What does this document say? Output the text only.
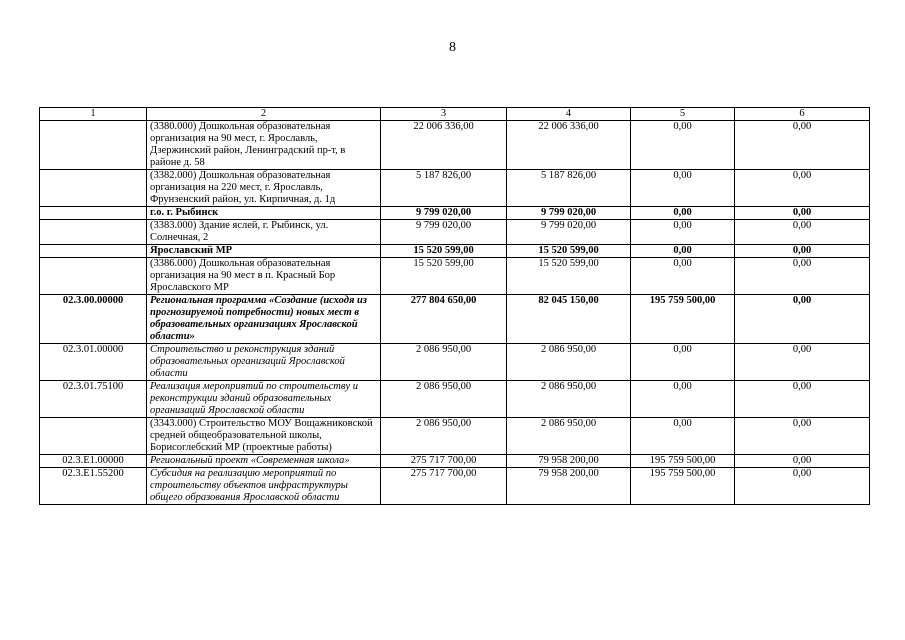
8
1	2	3	4	5	6
	(3380.000) Дошкольная образовательная организация на 90 мест, г. Ярославль, Дзержинский район, Ленинградский пр-т, в районе д. 58	22 006 336,00	22 006 336,00	0,00	0,00
	(3382.000) Дошкольная образовательная организация на 220 мест, г. Ярославль, Фрунзенский район, ул. Кирпичная, д. 1д	5 187 826,00	5 187 826,00	0,00	0,00
	г.о. г. Рыбинск	9 799 020,00	9 799 020,00	0,00	0,00
	(3383.000) Здание яслей, г. Рыбинск, ул. Солнечная, 2	9 799 020,00	9 799 020,00	0,00	0,00
	Ярославский МР	15 520 599,00	15 520 599,00	0,00	0,00
	(3386.000) Дошкольная образовательная организация на 90 мест в п. Красный Бор Ярославского МР	15 520 599,00	15 520 599,00	0,00	0,00
02.3.00.00000	Региональная программа «Создание (исходя из прогнозируемой потребности) новых мест в образовательных организациях Ярославской области»	277 804 650,00	82 045 150,00	195 759 500,00	0,00
02.3.01.00000	Строительство и реконструкция зданий образовательных организаций Ярославской области	2 086 950,00	2 086 950,00	0,00	0,00
02.3.01.75100	Реализация мероприятий по строительству и реконструкции зданий образовательных организаций Ярославской области	2 086 950,00	2 086 950,00	0,00	0,00
	(3343.000) Строительство МОУ Вощажниковской средней общеобразовательной школы, Борисоглебский МР (проектные работы)	2 086 950,00	2 086 950,00	0,00	0,00
02.3.E1.00000	Региональный проект «Современная школа»	275 717 700,00	79 958 200,00	195 759 500,00	0,00
02.3.E1.55200	Субсидия на реализацию мероприятий по строительству объектов инфраструктуры общего образования Ярославской области	275 717 700,00	79 958 200,00	195 759 500,00	0,00
